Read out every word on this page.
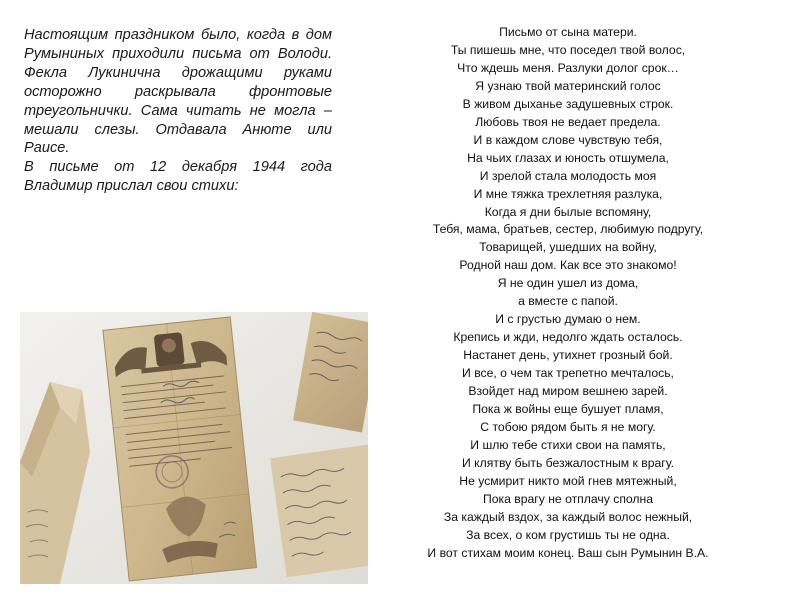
Настоящим праздником было, когда в дом Румыниных приходили письма от Володи. Фекла Лукинична дрожащими руками осторожно раскрывала фронтовые треугольнички. Сама читать не могла – мешали слезы. Отдавала Анюте или Раисе.

В письме от 12 декабря 1944 года Владимир прислал свои стихи:

Письмо от сына матери.
Ты пишешь мне, что поседел твой волос,
Что ждешь меня. Разлуки долог срок…
Я узнаю твой материнский голос
В живом дыханье задушевных строк.
Любовь твоя не ведает предела.
И в каждом слове чувствую тебя,
На чьих глазах и юность отшумела,
И зрелой стала молодость моя
И мне тяжка трехлетняя разлука,
Когда я дни былые вспомяну,
Тебя, мама, братьев, сестер, любимую подругу,
Товарищей, ушедших на войну,
Родной наш дом. Как все это знакомо!
Я не один ушел из дома,
а вместе с папой.
И с грустью думаю о нем.
Крепись и жди, недолго ждать осталось.
Настанет день, утихнет грозный бой.
И все, о чем так трепетно мечталось,
Взойдет над миром вешнею зарей.
Пока ж войны еще бушует пламя,
С тобою рядом быть я не могу.
И шлю тебе стихи свои на память,
И клятву быть безжалостным к врагу.
Не усмирит никто мой гнев мятежный,
Пока врагу не отплачу сполна
За каждый вздох, за каждый волос нежный,
За всех, о ком грустишь ты не одна.
И вот стихам моим конец. Ваш сын Румынин В.А.
